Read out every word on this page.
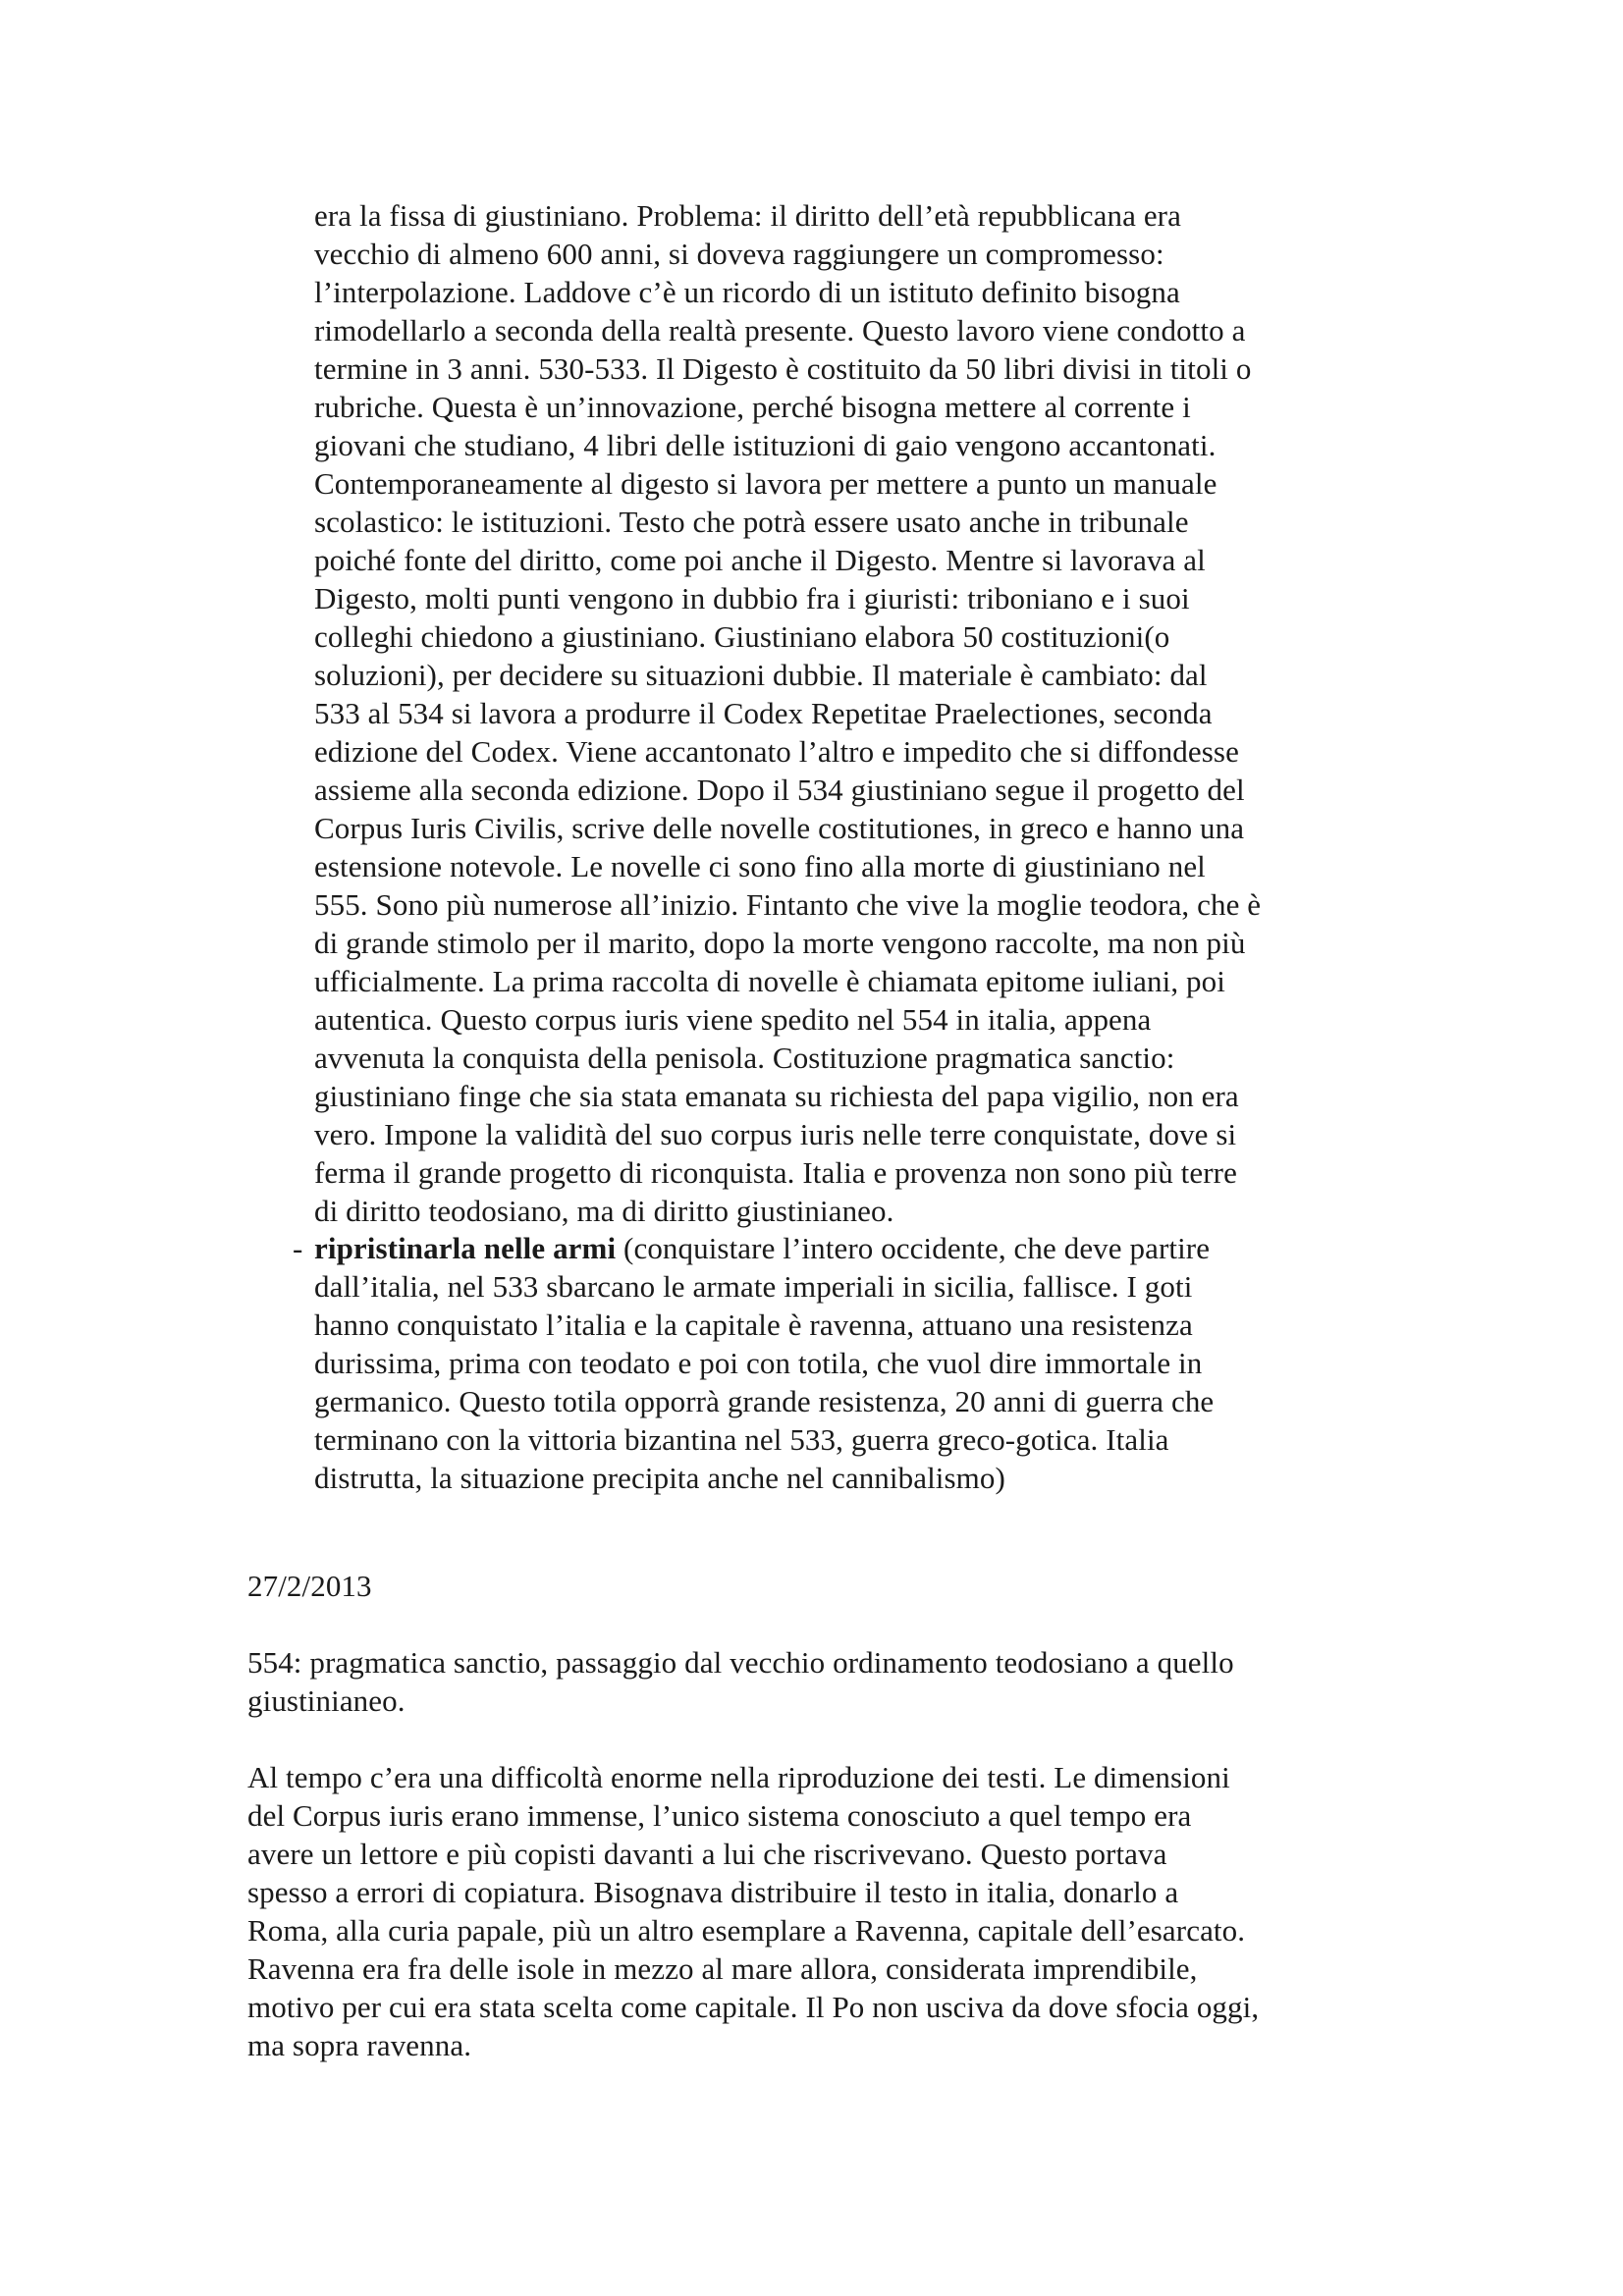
era la fissa di giustiniano. Problema: il diritto dell’età repubblicana era
vecchio di almeno 600 anni, si doveva raggiungere un compromesso:
l’interpolazione. Laddove c’è un ricordo di un istituto definito bisogna
rimodellarlo a seconda della realtà presente. Questo lavoro viene condotto a
termine in 3 anni. 530-533. Il Digesto è costituito da 50 libri divisi in titoli o
rubriche. Questa è un’innovazione, perché bisogna mettere al corrente i
giovani che studiano, 4 libri delle istituzioni di gaio vengono accantonati.
Contemporaneamente al digesto si lavora per mettere a punto un manuale
scolastico: le istituzioni. Testo che potrà essere usato anche in tribunale
poiché fonte del diritto, come poi anche il Digesto. Mentre si lavorava al
Digesto, molti punti vengono in dubbio fra i giuristi: triboniano e i suoi
colleghi chiedono a giustiniano. Giustiniano elabora 50 costituzioni(o
soluzioni), per decidere su situazioni dubbie. Il materiale è cambiato: dal
533 al 534 si lavora a produrre il Codex Repetitae Praelectiones, seconda
edizione del Codex. Viene accantonato l’altro e impedito che si diffondesse
assieme alla seconda edizione. Dopo il 534 giustiniano segue il progetto del
Corpus Iuris Civilis, scrive delle novelle costitutiones, in greco e hanno una
estensione notevole. Le novelle ci sono fino alla morte di giustiniano nel
555. Sono più numerose all’inizio. Fintanto che vive la moglie teodora, che è
di grande stimolo per il marito, dopo la morte vengono raccolte, ma non più
ufficialmente. La prima raccolta di novelle è chiamata epitome iuliani, poi
autentica. Questo corpus iuris viene spedito nel 554 in italia, appena
avvenuta la conquista della penisola. Costituzione pragmatica sanctio:
giustiniano finge che sia stata emanata su richiesta del papa vigilio, non era
vero. Impone la validità del suo corpus iuris nelle terre conquistate, dove si
ferma il grande progetto di riconquista. Italia e provenza non sono più terre
di diritto teodosiano, ma di diritto giustinianeo.
- ripristinarla nelle armi (conquistare l’intero occidente, che deve partire
dall’italia, nel 533 sbarcano le armate imperiali in sicilia, fallisce. I goti
hanno conquistato l’italia e la capitale è ravenna, attuano una resistenza
durissima, prima con teodato e poi con totila, che vuol dire immortale in
germanico. Questo totila opporrà grande resistenza, 20 anni di guerra che
terminano con la vittoria bizantina nel 533, guerra greco-gotica. Italia
distrutta, la situazione precipita anche nel cannibalismo)
27/2/2013
554: pragmatica sanctio, passaggio dal vecchio ordinamento teodosiano a quello
giustinianeo.
Al tempo c’era una difficoltà enorme nella riproduzione dei testi. Le dimensioni
del Corpus iuris erano immense, l’unico sistema conosciuto a quel tempo era
avere un lettore e più copisti davanti a lui che riscrivevano. Questo portava
spesso a errori di copiatura. Bisognava distribuire il testo in italia, donarlo a
Roma, alla curia papale, più un altro esemplare a Ravenna, capitale dell’esarcato.
Ravenna era fra delle isole in mezzo al mare allora, considerata imprendibile,
motivo per cui era stata scelta come capitale. Il Po non usciva da dove sfocia oggi,
ma sopra ravenna.
